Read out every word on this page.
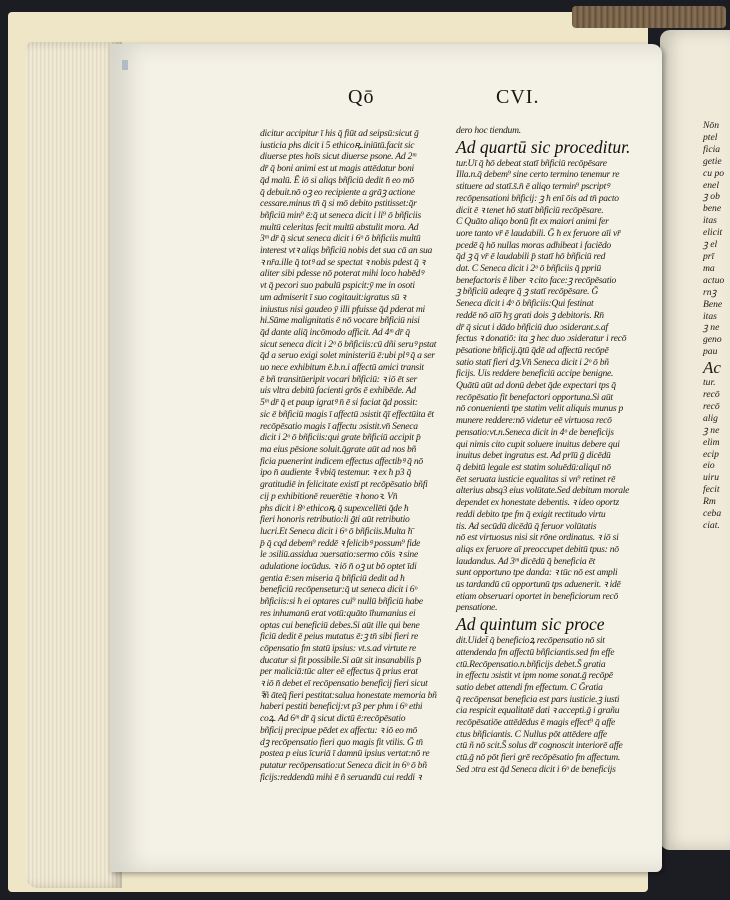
Qō	CVI.
dicitur accipitur ī his q̄ fiūt ad seipsū:sicut ḡ
iusticia phs dicit i 5 ethicoꝶ.iniūtū.facit sic
diuerse ptes hoīs sicut diuerse psone. Ad 2ᵐ
dr̄ q̄ boni animi est ut magis attēdatur boni
q̄d malū. Ē iō si aliqs bñficiū dedit n͂ eo mō
q̄ debuit.nō oꝫ eo recipiente a grāꝫ actione
cessare.minus tn̄ q̄ si mō debito pstitisset:q̄r
bñficiū min⁹ ē:q̄ ut seneca dicit i li⁹ ō bñficiis
multū celeritas fecit multū abstulit mora. Ad
3ᵐ dr̄ q̄ sicut seneca dicit i 6ᵒ ō bñficiis multū
interest vtꝛ aliqs bñficiū nobis det sua cā an sua
ꝛ nr̄a.ille q̄ totꝰ ad se spectat ꝛ nobis pdest q̄ ꝛ
aliter sibi pdesse nō poterat mihi loco habēdꝰ
vt q̄ pecori suo pabulū pspicit:ȳ me in osoti
um admiserit ī suo cogitauit:igratus sū ꝛ
iniustus nisi gaudeo ȳ illi pfuisse q̄d pderat mi
hi.Sūme malignitatis ē nō vocare bñficiū nisi
q̄d dante aliq̄ incōmodo afficit. Ad 4ᵐ dr̄ q̄
sicut seneca dicit i 2ᵒ ō bñficiis:cū dñi seruꝰ pstat
q̄d a seruo exigi solet ministeriū ē:ubi plꝰ q̄ a ser
uo nece exhibitum ē.b.n.i affectū amici transit
ē bñ transitūeripit vocari bñficiū: ꝛ iō ēt ser
uis vltra debitū facienti grōs ē exhibēde. Ad
5ᵐ dr̄ q̄ et paup igratꝰ n̄ ē si faciat q̄d possit:
sic ē bñficiū magis ī affectū ɔsistit q̄ī effectūita ēt
recōpēsatio magis ī affectu ɔsistit.vn̄ Seneca
dicit i 2ᵒ ō bñficiis:qui grate bñficiū accipit p̄
ma eius pēsione soluit.q̄grate aūt ad nos bñ
ficia puenerint indicem effectus affectibꝰ q̄ nō
ipo n̄ audiente ꝛ̄ vbiq̄ testemur. ꝛ ex ħ p3 q̄
gratitudiē in felicitate existī pt recōpēsatio bñfi
cij p exhibitionē reuerētie ꝛ honoꝛ. Vn̄
phs dicit i 8ᵒ ethicoꝶ q̄ supexcellēti q̄de ħ
fieri honoris retributio:li ḡti aūt retributio
lucri.Et Seneca dicit i 6ᵒ ō bñficiis.Multa ħ̄
p̄ q̄ cqd debem⁹ reddē ꝛ felicibꝰ possum⁹ fide
le ɔsiliū.assidua ɔuersatio:sermo cōis ꝛ sine
adulatione iocūdus. ꝛ iō n͂ oꝫ ut bō optet īdi
gentia ē:sen miseria q̄ bñficiū dedit ad ħ
beneficiū recōpensetur:q̄ ut seneca dicit i 6ᵒ
bñficiis:si ħ ei optares cui⁹ nullū bñficiū habe
res inhumanū erat votū:quāto īhumanius ei
optas cui beneficiū debes.Si aūt ille qui bene
ficiū dedit ē peius mutatus ē:ꝫ tn̄ sibi fieri re
cōpensatio fm statū ipsius: vt.s.ad virtute re
ducatur si fit possibile.Si aūt sit insanabilis p̄
per maliciā:tūc alter eē effectus q̄ prius erat
ꝛ iō n͂ debet eī recōpensatio beneficij fieri sicut
ꝛ̄ñ āteq̄ fieri pestitat:salua honestate memoria bñ
haberi pestiti beneficij:vt p3 per phm i 6ᵒ ethi
coꝝ. Ad 6ᵐ dr̄ q̄ sicut dictū ē:recōpēsatio
bñficij precipue pēdet ex affectu: ꝛ iō eo mō
dꝫ recōpensatio fieri quo magis fit vtilis. Ḡ tn̄
postea p eius īcuriā ī damnū ipsius vertat:nō re
putatur recōpensatio:ut Seneca dicit in 6ᵒ ō bñ
ficijs:reddendū mihi ē ñ seruandū cui reddi ꝛ
dero hoc tiendum.
Ad quartū sic proceditur.
tur.Uī q̄ ħō debeat statī bñficiū recōpēsare
Illa.n.q̄ debem⁹ sine certo termino tenemur re
stituere ad statī.s̄.n̄ ē aliqo termin⁹ pscriptꝰ
recōpensationi bñficij: ꝫ ħ enī ōis ad tn̄ pacto
dicit ē ꝛ tenet hō statī bñficiū recōpēsare.
C Quāto aliqo bonū fit ex maiori animi fer
uore tanto vr̄ ē laudabili. Ḡ ħ ex feruore aīi vr̄
pcedē q̄ hō nullas moras adhibeat i faciēdo
q̄d ꝫ q̄ vr̄ ē laudabili p̄ statī hō bñficiū red
dat. C Seneca dicit i 2ᵒ ō bñficiis q̄ ppriū
benefactoris ē liber ꝛ cito face:ꝫ recōpēsatio
ꝫ bñficiū adeqre q̄ ꝫ statī recōpēsare. Ḡ
Seneca dicit i 4ᵒ ō bñficiis:Qui festinat
reddē nō aīo̅ ħʒ grati dois ꝫ debitoris. Rn̄
dr̄ q̄ sicut i dādo bñficiū duo ɔsiderant.s.af
fectus ꝛ donatiō: ita ꝫ hec duo ɔsideratur i recō
pēsatione bñficij.q̄tū q̄dē ad affectū recōpē
satio statī fieri dꝫ.Vn̄ Seneca dicit i 2ᵒ ō bñ
ficijs. Uis reddere beneficiū accipe benigne.
Quātū aūt ad donū debet q̄de expectari tps q̄
recōpēsatio fit benefactori opportuna.Si aūt
nō conuenienti tpe statim velit aliquis munus p
munere reddere:nō videtur eē virtuosa recō
pensatio:vt.n.Seneca dicit in 4ᵒ de beneficijs
qui nimis cito cupit soluere inuitus debere qui
inuitus debet ingratus est. Ad prīū ḡ dicēdū
q̄ debitū legale est statim soluēdū:aliquī nō
ēet seruata iusticie equalitas si vn⁹ retinet rē
alterius absq3 eius volūtate.Sed debitum morale
dependet ex honestate debentis. ꝛ ideo oportz
reddi debito tpe fm q̄ exigit rectitudo virtu
tis. Ad secūdū dicēdū q̄ feruor volūtatis
nō est virtuosus nisi sit rōne ordinatus. ꝛ iō si
aliqs ex feruore aī preoccupet debitū tpus: nō
laudandus. Ad 3ᵐ dicēdū q̄ beneficia ēt
sunt opportuno tpe danda: ꝛ tūc nō est ampli
us tardandū cū opportunū tps aduenerit. ꝛ idē
etiam obseruari oportet in beneficiorum recō
pensatione.
Ad quintum sic proce
dit.Uidet̄ q̄ beneficioꝝ recōpensatio nō sit
attendenda fm affectū bñficiantis.sed fm effe
ctū.Recōpensatio.n.bñficijs debet.S̄ gratia
in effectu ɔsistit vt ipm nome sonat.ḡ recōpē
satio debet attendi fm effectum. C Ḡratia
q̄ recōpensat beneficia est pars iusticie.ꝫ iusti
cia respicit equalitatē dati ꝛ accepti.ḡ i grañu
recōpēsatiōe attēdēdus ē magis effect⁹ q̄ affe
ctus bñficiantis. C Nullus pōt attēdere affe
ctū ñ nō scit.S̄ solus dr̄ cognoscit interiorē affe
ctū.ḡ nō pōt fieri grē recōpēsatio fm affectum.
Sed ɔtra est q̄d Seneca dicit i 6ᵒ de beneficijs
Nōn
ptel
ficia
getie
cu po
enel
ꝫ ob
bene
itas
elicit
ꝫ el
prī
ma
actuo
rnꝫ
Bene
itas
ꝫ ne
geno
pau
Ac
tur.
recō
recō
alig
ꝫ ne
elim
ecip
eio
uiru
fecit
Rm
ceba
ciat.
